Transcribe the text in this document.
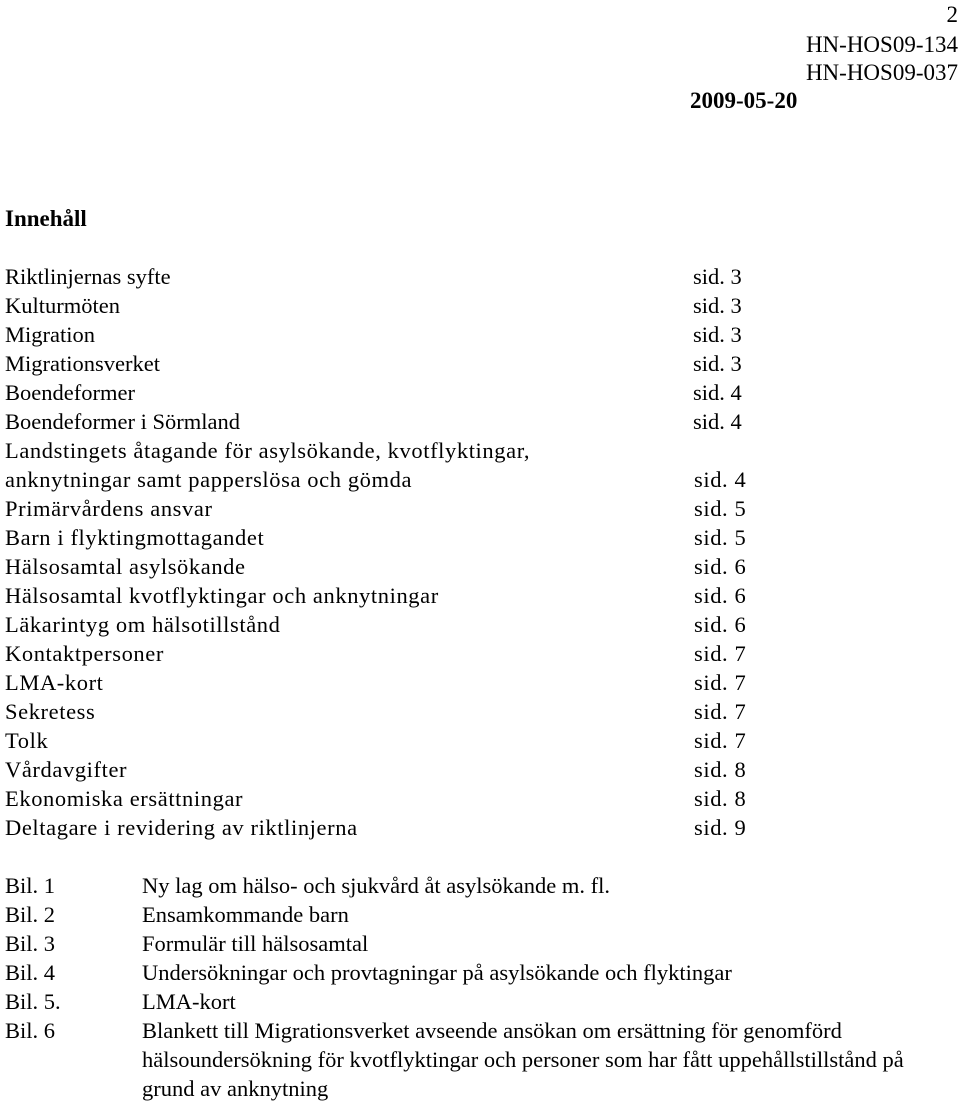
2
HN-HOS09-134
HN-HOS09-037
2009-05-20
Innehåll
Riktlinjernas syfte	sid. 3
Kulturmöten	sid. 3
Migration	sid. 3
Migrationsverket	sid. 3
Boendeformer	sid. 4
Boendeformer i Sörmland	sid. 4
Landstingets åtagande för asylsökande, kvotflyktingar,
anknytningar samt papperslösa och gömda	sid. 4
Primärvårdens ansvar	sid. 5
Barn i flyktingmottagandet	sid. 5
Hälsosamtal asylsökande	sid. 6
Hälsosamtal kvotflyktingar och anknytningar	sid. 6
Läkarintyg om hälsotillstånd	sid. 6
Kontaktpersoner	sid. 7
LMA-kort	sid. 7
Sekretess	sid. 7
Tolk	sid. 7
Vårdavgifter	sid. 8
Ekonomiska ersättningar	sid. 8
Deltagare i revidering av riktlinjerna	sid. 9
Bil. 1	Ny lag om hälso- och sjukvård åt asylsökande m. fl.
Bil. 2	Ensamkommande barn
Bil. 3	Formulär till hälsosamtal
Bil. 4	Undersökningar och provtagningar på asylsökande och flyktingar
Bil. 5.	LMA-kort
Bil. 6	Blankett till Migrationsverket avseende ansökan om ersättning för genomförd hälsoundersökning för kvotflyktingar och personer som har fått uppehållstillstånd på grund av anknytning
